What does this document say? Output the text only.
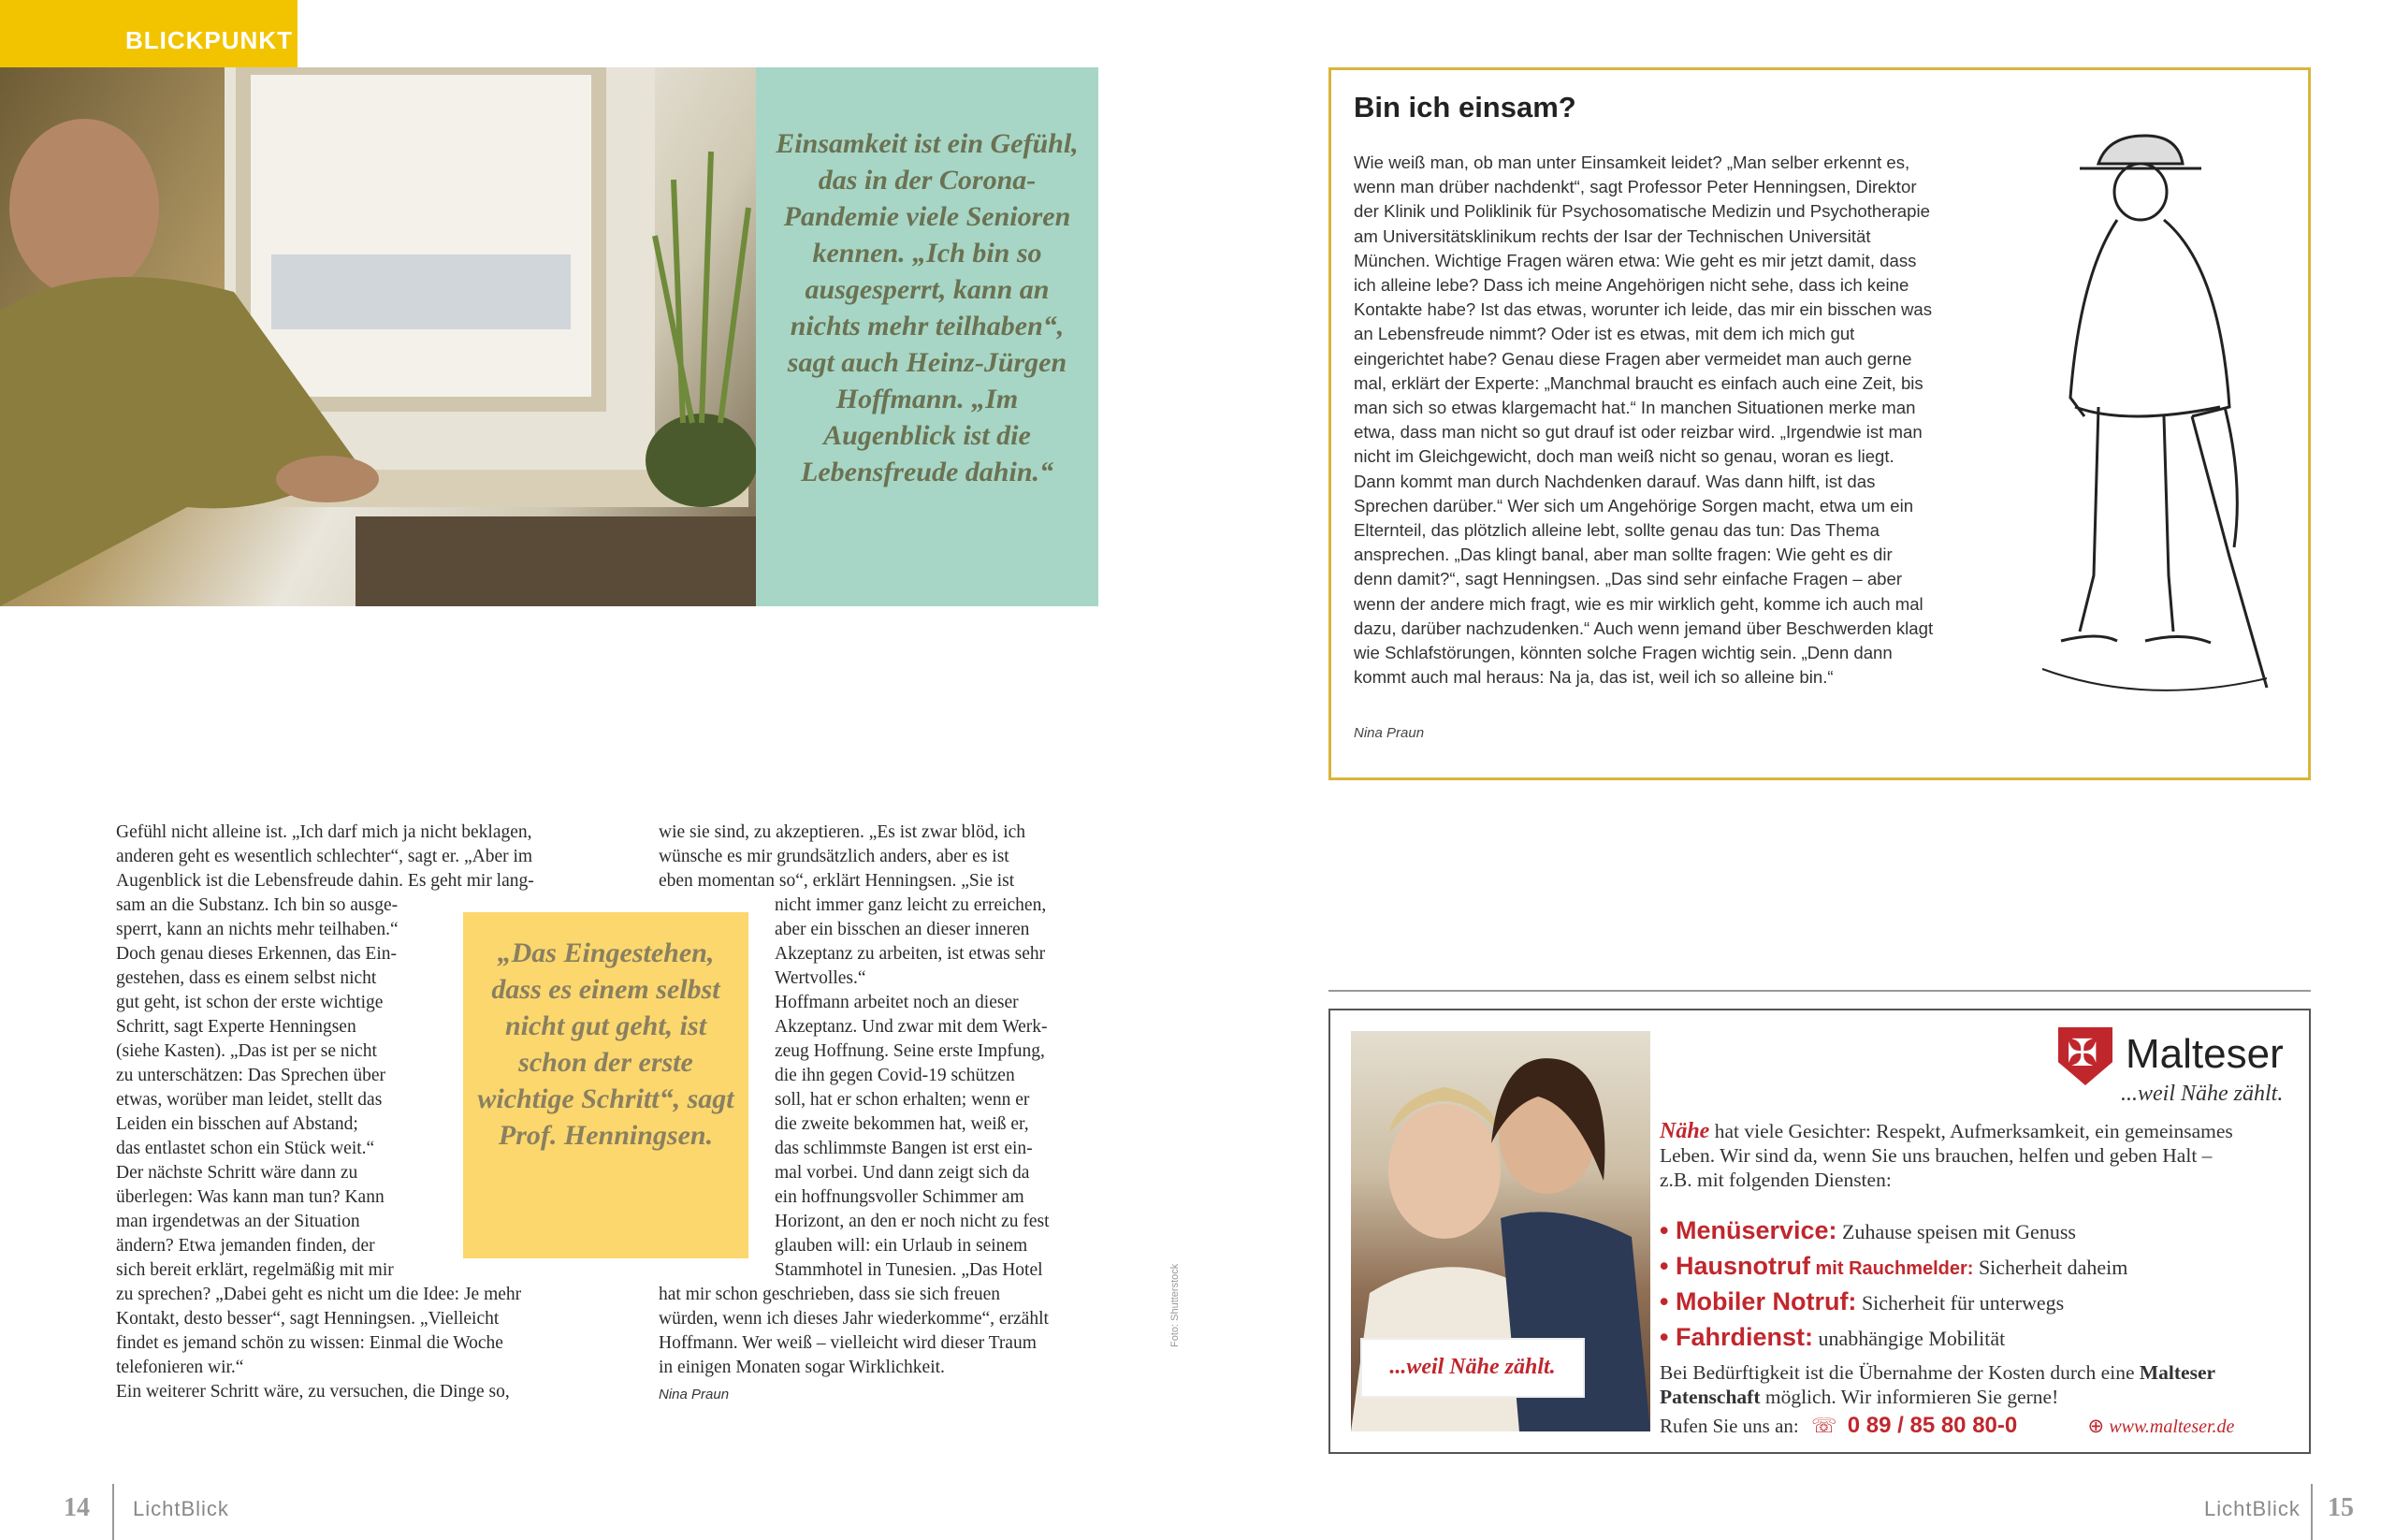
BLICKPUNKT
Einsamkeit ist ein Gefühl, das in der Corona-Pandemie viele Senioren kennen. „Ich bin so ausgesperrt, kann an nichts mehr teilhaben“, sagt auch Heinz-Jürgen Hoffmann. „Im Augenblick ist die Lebensfreude dahin.“

Gefühl nicht alleine ist. „Ich darf mich ja nicht beklagen,

anderen geht es wesentlich schlechter“, sagt er. „Aber im

Augenblick ist die Lebensfreude dahin. Es geht mir lang-

sam an die Substanz. Ich bin so ausge-

sperrt, kann an nichts mehr teilhaben.“

Doch genau dieses Erkennen, das Ein-

gestehen, dass es einem selbst nicht

gut geht, ist schon der erste wichtige

Schritt, sagt Experte Henningsen

(siehe Kasten). „Das ist per se nicht

zu unterschätzen: Das Sprechen über

etwas, worüber man leidet, stellt das

Leiden ein bisschen auf Abstand;

das entlastet schon ein Stück weit.“

Der nächste Schritt wäre dann zu

überlegen: Was kann man tun? Kann

man irgendetwas an der Situation

ändern? Etwa jemanden finden, der

sich bereit erklärt, regelmäßig mit mir

zu sprechen? „Dabei geht es nicht um die Idee: Je mehr

Kontakt, desto besser“, sagt Henningsen. „Vielleicht

findet es jemand schön zu wissen: Einmal die Woche

telefonieren wir.“

Ein weiterer Schritt wäre, zu versuchen, die Dinge so,

„Das Eingestehen, dass es einem selbst nicht gut geht, ist schon der erste wichtige Schritt“, sagt Prof. Henningsen.

wie sie sind, zu akzeptieren. „Es ist zwar blöd, ich

wünsche es mir grundsätzlich anders, aber es ist

eben momentan so“, erklärt Henningsen. „Sie ist

nicht immer ganz leicht zu erreichen,

aber ein bisschen an dieser inneren

Akzeptanz zu arbeiten, ist etwas sehr

Wertvolles.“

Hoffmann arbeitet noch an dieser

Akzeptanz. Und zwar mit dem Werk-

zeug Hoffnung. Seine erste Impfung,

die ihn gegen Covid-19 schützen

soll, hat er schon erhalten; wenn er

die zweite bekommen hat, weiß er,

das schlimmste Bangen ist erst ein-

mal vorbei. Und dann zeigt sich da

ein hoffnungsvoller Schimmer am

Horizont, an den er noch nicht zu fest

glauben will: ein Urlaub in seinem

Stammhotel in Tunesien. „Das Hotel

hat mir schon geschrieben, dass sie sich freuen

würden, wenn ich dieses Jahr wiederkomme“, erzählt

Hoffmann. Wer weiß – vielleicht wird dieser Traum

in einigen Monaten sogar Wirklichkeit.

Nina Praun
Foto: Shutterstock
14 LichtBlick
Bin ich einsam?
Wie weiß man, ob man unter Einsamkeit leidet? „Man selber erkennt es, wenn man drüber nachdenkt“, sagt Professor Peter Henningsen, Direktor der Klinik und Poliklinik für Psychosomatische Medizin und Psychotherapie am Universitätsklinikum rechts der Isar der Technischen Universität München. Wichtige Fragen wären etwa: Wie geht es mir jetzt damit, dass ich alleine lebe? Dass ich meine Angehörigen nicht sehe, dass ich keine Kontakte habe? Ist das etwas, worunter ich leide, das mir ein bisschen was an Lebensfreude nimmt? Oder ist es etwas, mit dem ich mich gut eingerichtet habe? Genau diese Fragen aber vermeidet man auch gerne mal, erklärt der Experte: „Manchmal braucht es einfach auch eine Zeit, bis man sich so etwas klargemacht hat.“ In manchen Situationen merke man etwa, dass man nicht so gut drauf ist oder reizbar wird. „Irgendwie ist man nicht im Gleichgewicht, doch man weiß nicht so genau, woran es liegt. Dann kommt man durch Nachdenken darauf. Was dann hilft, ist das Sprechen darüber.“ Wer sich um Angehörige Sorgen macht, etwa um ein Elternteil, das plötzlich alleine lebt, sollte genau das tun: Das Thema ansprechen. „Das klingt banal, aber man sollte fragen: Wie geht es dir denn damit?“, sagt Henningsen. „Das sind sehr einfache Fragen – aber wenn der andere mich fragt, wie es mir wirklich geht, komme ich auch mal dazu, darüber nachzudenken.“ Auch wenn jemand über Beschwerden klagt wie Schlafstörungen, könnten solche Fragen wichtig sein. „Denn dann kommt auch mal heraus: Na ja, das ist, weil ich so alleine bin.“
Nina Praun
...weil Nähe zählt.
✠
Malteser
...weil Nähe zählt.
Nähe hat viele Gesichter: Respekt, Aufmerksamkeit, ein gemeinsames
Leben. Wir sind da, wenn Sie uns brauchen, helfen und geben Halt –
z.B. mit folgenden Diensten:
• Menüservice: Zuhause speisen mit Genuss
• Hausnotruf mit Rauchmelder: Sicherheit daheim
• Mobiler Notruf: Sicherheit für unterwegs
• Fahrdienst: unabhängige Mobilität
Bei Bedürftigkeit ist die Übernahme der Kosten durch eine Malteser
Patenschaft möglich. Wir informieren Sie gerne!
Rufen Sie uns an: ☏ 0 89 / 85 80 80-0	⊕ www.malteser.de
LichtBlick 15
